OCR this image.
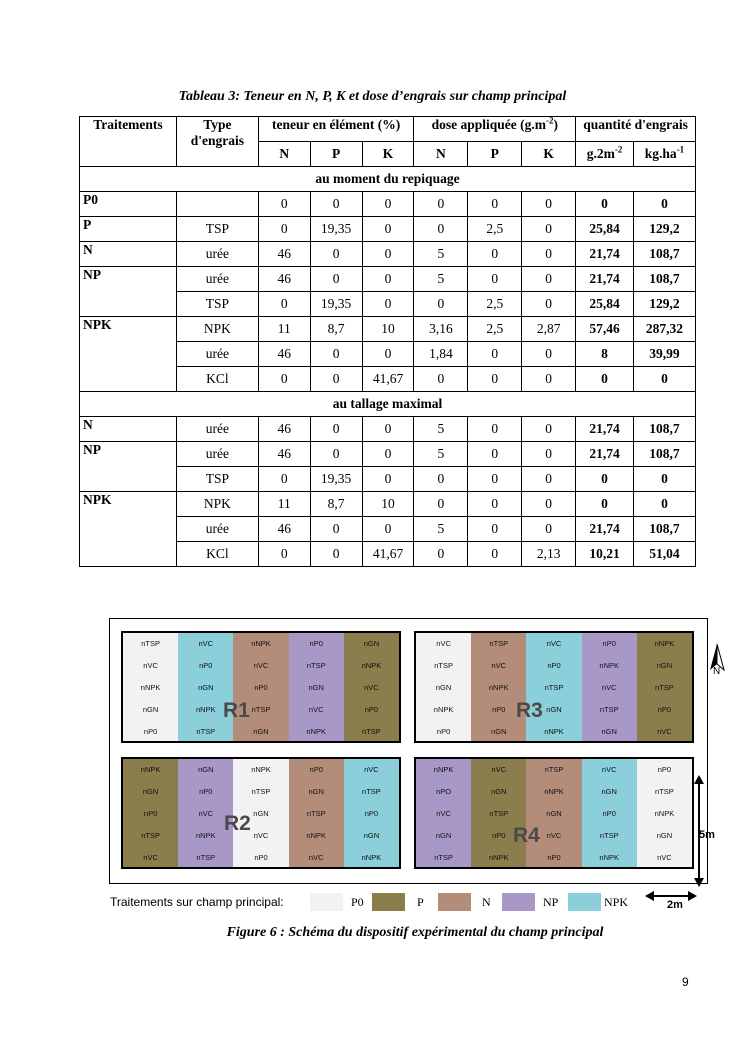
Tableau 3: Teneur en N, P, K et dose d’engrais sur champ principal
Traitements	Type d'engrais	teneur en élément (%)			dose appliquée $(g.m^{-2})$			quantité d'engrais	

		N	P	K	N	P	K	$g.2m^{-2}$	$kg.ha^{-1}$
au moment du repiquage									
P0		0	0	0	0	0	0	0	0
P	TSP	0	19,35	0	0	2,5	0	25,84	129,2
N	urée	46	0	0	5	0	0	21,74	108,7
NP	urée	46	0	0	5	0	0	21,74	108,7
	TSP	0	19,35	0	0	2,5	0	25,84	129,2
NPK	NPK	11	8,7	10	3,16	2,5	2,87	57,46	287,32
	urée	46	0	0	1,84	0	0	8	39,99
	KCl	0	0	41,67	0	0	0	0	0
au tallage maximal									
N	urée	46	0	0	5	0	0	21,74	108,7
NP	urée	46	0	0	5	0	0	21,74	108,7
	TSP	0	19,35	0	0	0	0	0	0
NPK	NPK	11	8,7	10	0	0	0	0	0
	urée	46	0	0	5	0	0	21,74	108,7
	KCl	0	0	41,67	0	0	2,13	10,21	51,04
nTSP
nVC
nNPK
nGN
nP0
nVC
nP0
nGN
nNPK
nTSP
nNPK
nVC
nP0
nTSP
nGN
nP0
nTSP
nGN
nVC
nNPK
nGN
nNPK
nVC
nP0
nTSP
nVC
nTSP
nGN
nNPK
nP0
nTSP
nVC
nNPK
nP0
nGN
nVC
nP0
nTSP
nGN
nNPK
nP0
nNPK
nVC
nTSP
nGN
nNPK
nGN
nTSP
nP0
nVC
nNPK
nGN
nP0
nTSP
nVC
nGN
nP0
nVC
nNPK
nTSP
nNPK
nTSP
nGN
nVC
nP0
nP0
nGN
nTSP
nNPK
nVC
nVC
nTSP
nP0
nGN
nNPK
nNPK
nPO
nVC
nGN
nTSP
nVC
nGN
nTSP
nP0
nNPK
nTSP
nNPK
nGN
nVC
nP0
nVC
nGN
nP0
nTSP
nNPK
nP0
nTSP
nNPK
nGN
nVC
R1	R3
R2
R4
N
5m
2m
Traitements sur champ principal:	P0	P	N	NP	NPK
Figure 6 : Schéma du dispositif expérimental du champ principal
9
